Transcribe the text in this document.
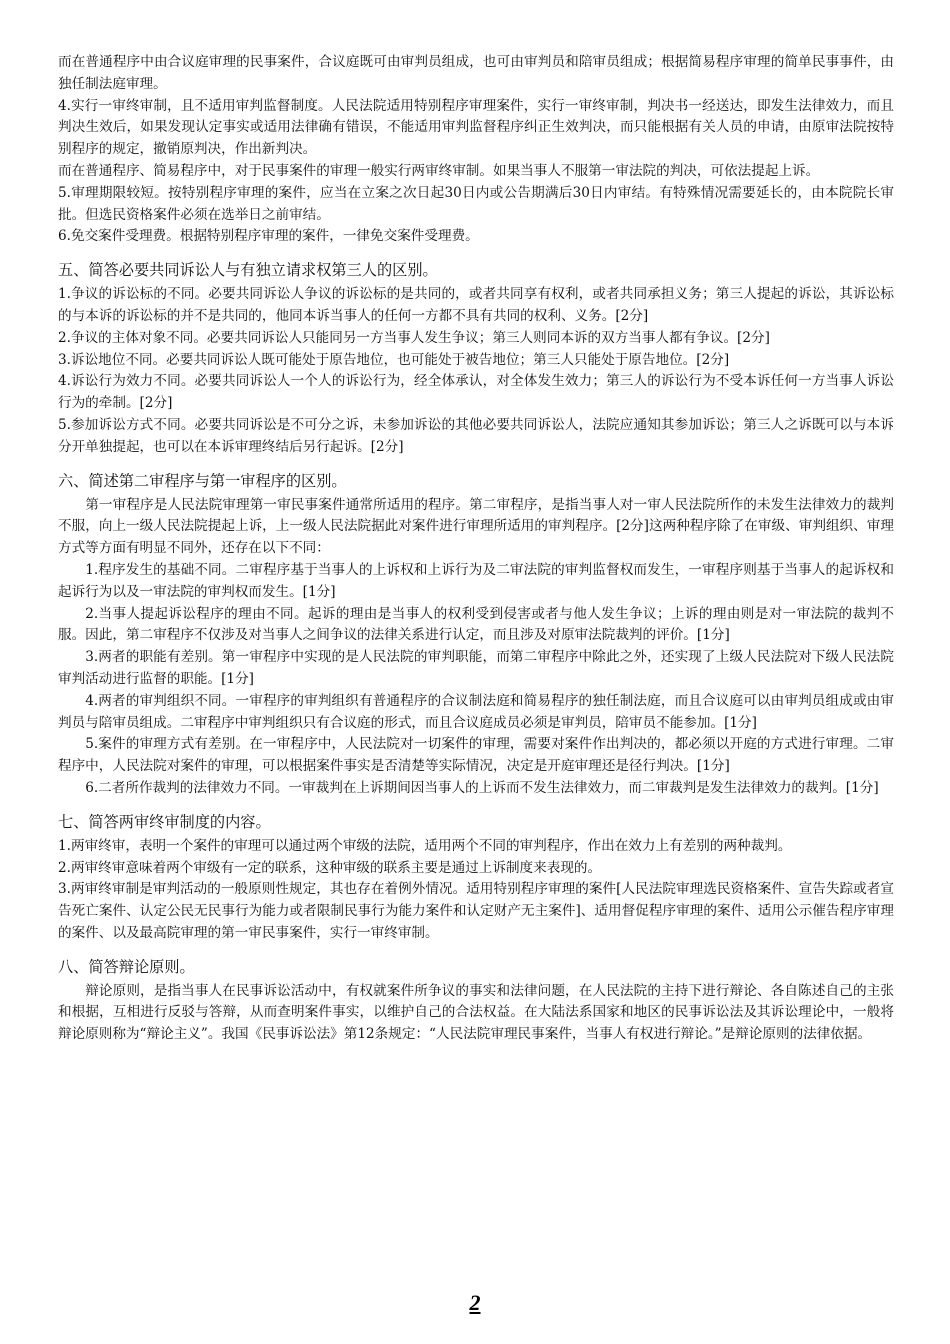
而在普通程序中由合议庭审理的民事案件，合议庭既可由审判员组成，也可由审判员和陪审员组成；根据简易程序审理的简单民事事件，由独任制法庭审理。

4.实行一审终审制，且不适用审判监督制度。人民法院适用特别程序审理案件，实行一审终审制，判决书一经送达，即发生法律效力，而且判决生效后，如果发现认定事实或适用法律确有错误，不能适用审判监督程序纠正生效判决，而只能根据有关人员的申请，由原审法院按特别程序的规定，撤销原判决，作出新判决。

而在普通程序、简易程序中，对于民事案件的审理一般实行两审终审制。如果当事人不服第一审法院的判决，可依法提起上诉。

5.审理期限较短。按特别程序审理的案件，应当在立案之次日起30日内或公告期满后30日内审结。有特殊情况需要延长的，由本院院长审批。但选民资格案件必须在选举日之前审结。

6.免交案件受理费。根据特别程序审理的案件，一律免交案件受理费。

五、简答必要共同诉讼人与有独立请求权第三人的区别。

1.争议的诉讼标的不同。必要共同诉讼人争议的诉讼标的是共同的，或者共同享有权利，或者共同承担义务；第三人提起的诉讼，其诉讼标的与本诉的诉讼标的并不是共同的，他同本诉当事人的任何一方都不具有共同的权利、义务。[2分]

2.争议的主体对象不同。必要共同诉讼人只能同另一方当事人发生争议；第三人则同本诉的双方当事人都有争议。[2分]

3.诉讼地位不同。必要共同诉讼人既可能处于原告地位，也可能处于被告地位；第三人只能处于原告地位。[2分]

4.诉讼行为效力不同。必要共同诉讼人一个人的诉讼行为，经全体承认，对全体发生效力；第三人的诉讼行为不受本诉任何一方当事人诉讼行为的牵制。[2分]

5.参加诉讼方式不同。必要共同诉讼是不可分之诉，未参加诉讼的其他必要共同诉讼人，法院应通知其参加诉讼；第三人之诉既可以与本诉分开单独提起，也可以在本诉审理终结后另行起诉。[2分]

六、简述第二审程序与第一审程序的区别。

第一审程序是人民法院审理第一审民事案件通常所适用的程序。第二审程序，是指当事人对一审人民法院所作的未发生法律效力的裁判不服，向上一级人民法院提起上诉，上一级人民法院据此对案件进行审理所适用的审判程序。[2分]这两种程序除了在审级、审判组织、审理方式等方面有明显不同外，还存在以下不同：

1.程序发生的基础不同。二审程序基于当事人的上诉权和上诉行为及二审法院的审判监督权而发生，一审程序则基于当事人的起诉权和起诉行为以及一审法院的审判权而发生。[1分]

2.当事人提起诉讼程序的理由不同。起诉的理由是当事人的权利受到侵害或者与他人发生争议；上诉的理由则是对一审法院的裁判不服。因此，第二审程序不仅涉及对当事人之间争议的法律关系进行认定，而且涉及对原审法院裁判的评价。[1分]

3.两者的职能有差别。第一审程序中实现的是人民法院的审判职能，而第二审程序中除此之外，还实现了上级人民法院对下级人民法院审判活动进行监督的职能。[1分]

4.两者的审判组织不同。一审程序的审判组织有普通程序的合议制法庭和简易程序的独任制法庭，而且合议庭可以由审判员组成或由审判员与陪审员组成。二审程序中审判组织只有合议庭的形式，而且合议庭成员必须是审判员，陪审员不能参加。[1分]

5.案件的审理方式有差别。在一审程序中，人民法院对一切案件的审理，需要对案件作出判决的，都必须以开庭的方式进行审理。二审程序中，人民法院对案件的审理，可以根据案件事实是否清楚等实际情况，决定是开庭审理还是径行判决。[1分]

6.二者所作裁判的法律效力不同。一审裁判在上诉期间因当事人的上诉而不发生法律效力，而二审裁判是发生法律效力的裁判。[1分]

七、简答两审终审制度的内容。

1.两审终审，表明一个案件的审理可以通过两个审级的法院，适用两个不同的审判程序，作出在效力上有差别的两种裁判。

2.两审终审意味着两个审级有一定的联系，这种审级的联系主要是通过上诉制度来表现的。

3.两审终审制是审判活动的一般原则性规定，其也存在着例外情况。适用特别程序审理的案件[人民法院审理选民资格案件、宣告失踪或者宣告死亡案件、认定公民无民事行为能力或者限制民事行为能力案件和认定财产无主案件]、适用督促程序审理的案件、适用公示催告程序审理的案件、以及最高院审理的第一审民事案件，实行一审终审制。

八、简答辩论原则。

辩论原则，是指当事人在民事诉讼活动中，有权就案件所争议的事实和法律问题，在人民法院的主持下进行辩论、各自陈述自己的主张和根据，互相进行反驳与答辩，从而查明案件事实，以维护自己的合法权益。在大陆法系国家和地区的民事诉讼法及其诉讼理论中，一般将辩论原则称为“辩论主义”。我国《民事诉讼法》第12条规定：“人民法院审理民事案件，当事人有权进行辩论。”是辩论原则的法律依据。

2
